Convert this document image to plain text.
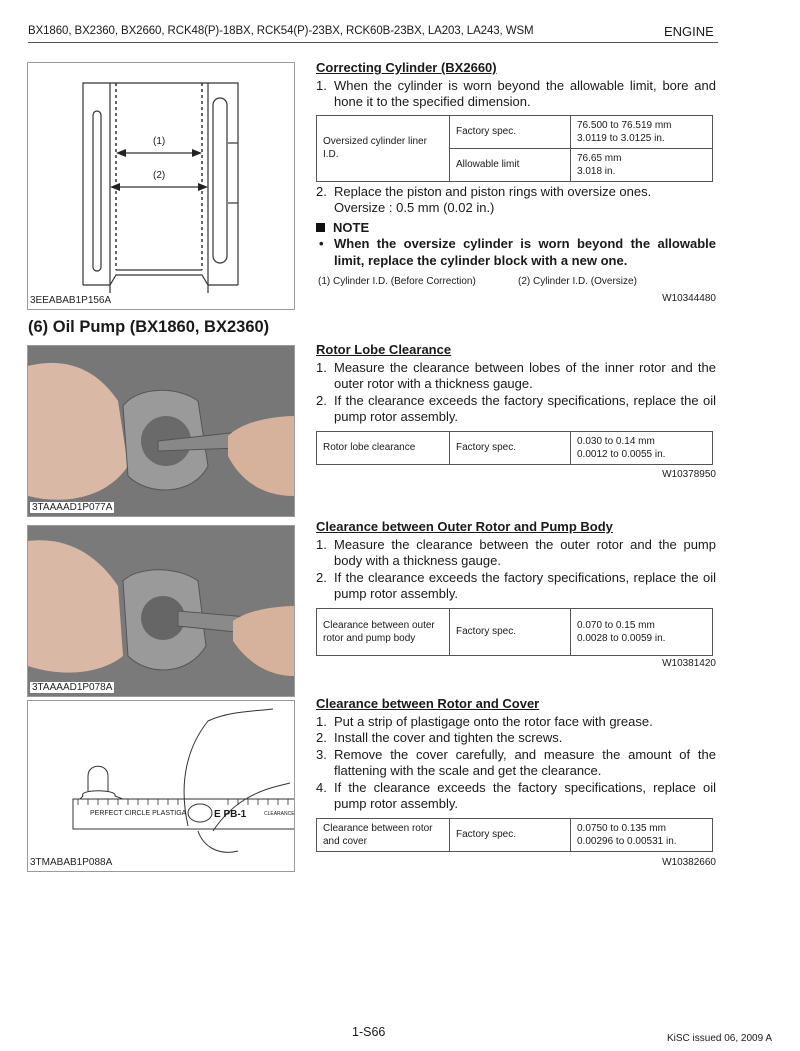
BX1860, BX2360, BX2660, RCK48(P)-18BX, RCK54(P)-23BX, RCK60B-23BX, LA203, LA243, WSM	ENGINE
(1)
(2)
3EEABAB1P156A
(6) Oil Pump (BX1860, BX2360)
3TAAAAD1P077A
3TAAAAD1P078A
PERFECT CIRCLE PLASTIGA	E PB-1	CLEARANCE
3TMABAB1P088A
Correcting Cylinder (BX2660)
1. When the cylinder is worn beyond the allowable limit, bore and hone it to the specified dimension.
Oversized cylinder liner I.D.	Factory spec.	76.500 to 76.519 mm
3.0119 to 3.0125 in.
	Allowable limit	76.65 mm
3.018 in.
2. Replace the piston and piston rings with oversize ones. Oversize : 0.5 mm (0.02 in.)
NOTE
• When the oversize cylinder is worn beyond the allowable limit, replace the cylinder block with a new one.
(1) Cylinder I.D. (Before Correction)	(2) Cylinder I.D. (Oversize)
W10344480
Rotor Lobe Clearance
1. Measure the clearance between lobes of the inner rotor and the outer rotor with a thickness gauge.
2. If the clearance exceeds the factory specifications, replace the oil pump rotor assembly.
Rotor lobe clearance	Factory spec.	0.030 to 0.14 mm
0.0012 to 0.0055 in.
W10378950
Clearance between Outer Rotor and Pump Body
1. Measure the clearance between the outer rotor and the pump body with a thickness gauge.
2. If the clearance exceeds the factory specifications, replace the oil pump rotor assembly.
Clearance between outer rotor and pump body	Factory spec.	0.070 to 0.15 mm
0.0028 to 0.0059 in.
W10381420
Clearance between Rotor and Cover
1. Put a strip of plastigage onto the rotor face with grease.
2. Install the cover and tighten the screws.
3. Remove the cover carefully, and measure the amount of the flattening with the scale and get the clearance.
4. If the clearance exceeds the factory specifications, replace oil pump rotor assembly.
Clearance between rotor and cover	Factory spec.	0.0750 to 0.135 mm
0.00296 to 0.00531 in.
W10382660
1-S66	KiSC issued 06, 2009 A
